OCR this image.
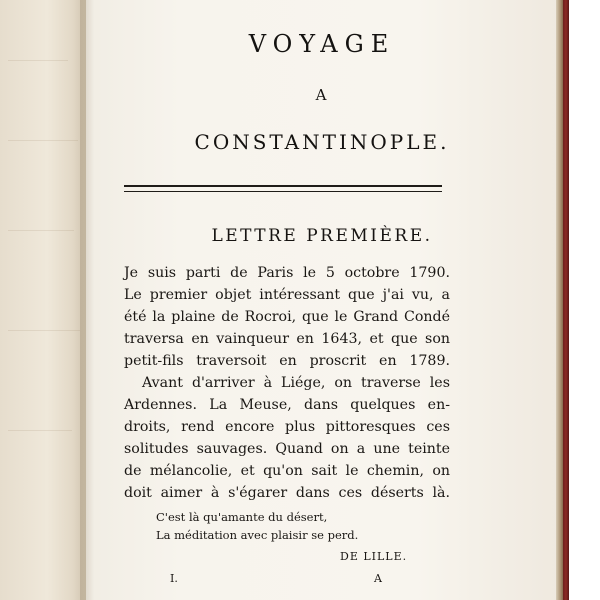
VOYAGE
A
CONSTANTINOPLE.
LETTRE PREMIÈRE.

Je suis parti de Paris le 5 octobre 1790.

Le premier objet intéressant que j'ai vu, a

été la plaine de Rocroi, que le Grand Condé

traversa en vainqueur en 1643, et que son

petit-fils traversoit en proscrit en 1789.

Avant d'arriver à Liége, on traverse les

Ardennes. La Meuse, dans quelques en-

droits, rend encore plus pittoresques ces

solitudes sauvages. Quand on a une teinte

de mélancolie, et qu'on sait le chemin, on

doit aimer à s'égarer dans ces déserts là.

C'est là qu'amante du désert,

La méditation avec plaisir se perd.

DE LILLE.

I.	A
